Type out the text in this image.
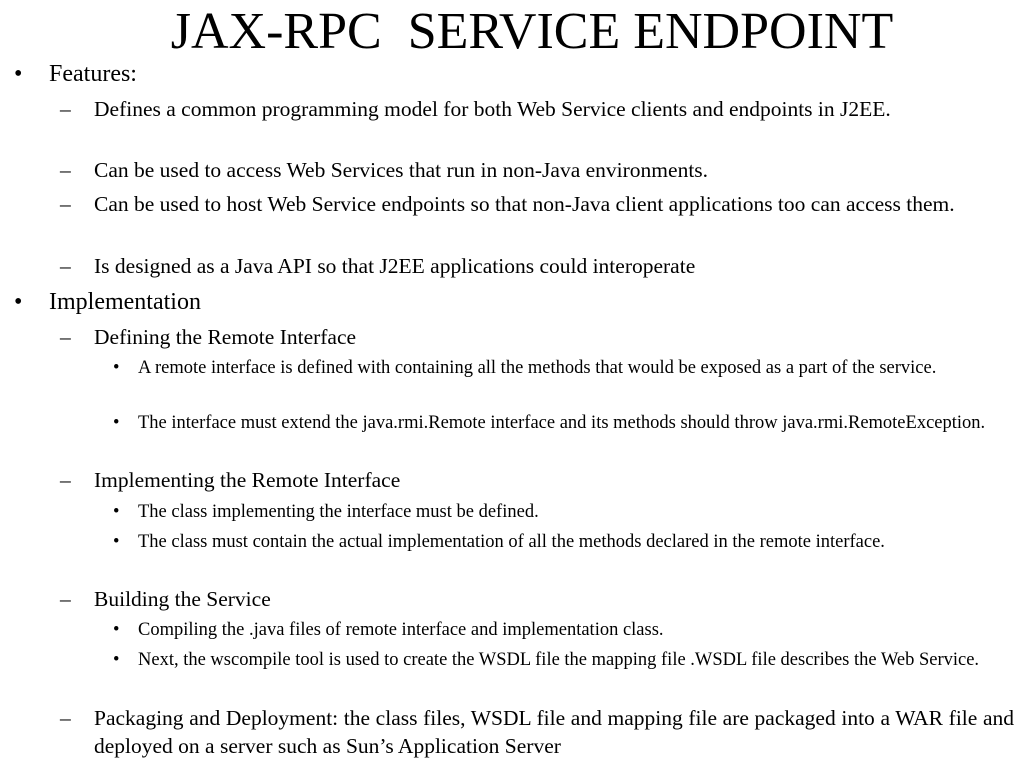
JAX-RPC  SERVICE ENDPOINT
• Features:
– Defines a common programming model for both Web Service clients and endpoints in J2EE.
– Can be used to access Web Services that run in non-Java environments.
– Can be used to host Web Service endpoints so that non-Java client applications too can access them.
– Is designed as a Java API so that J2EE applications could interoperate
• Implementation
– Defining the Remote Interface
• A remote interface is defined with containing all the methods that would be exposed as a part of the service.
• The interface must extend the java.rmi.Remote interface and its methods should throw java.rmi.RemoteException.
– Implementing the Remote Interface
• The class implementing the interface must be defined.
• The class must contain the actual implementation of all the methods declared in the remote interface.
– Building the Service
• Compiling the .java files of remote interface and implementation class.
• Next, the wscompile tool is used to create the WSDL file the mapping file .WSDL file describes the Web Service.
– Packaging and Deployment: the class files, WSDL file and mapping file are packaged into a WAR file and deployed on a server such as Sun’s Application Server
